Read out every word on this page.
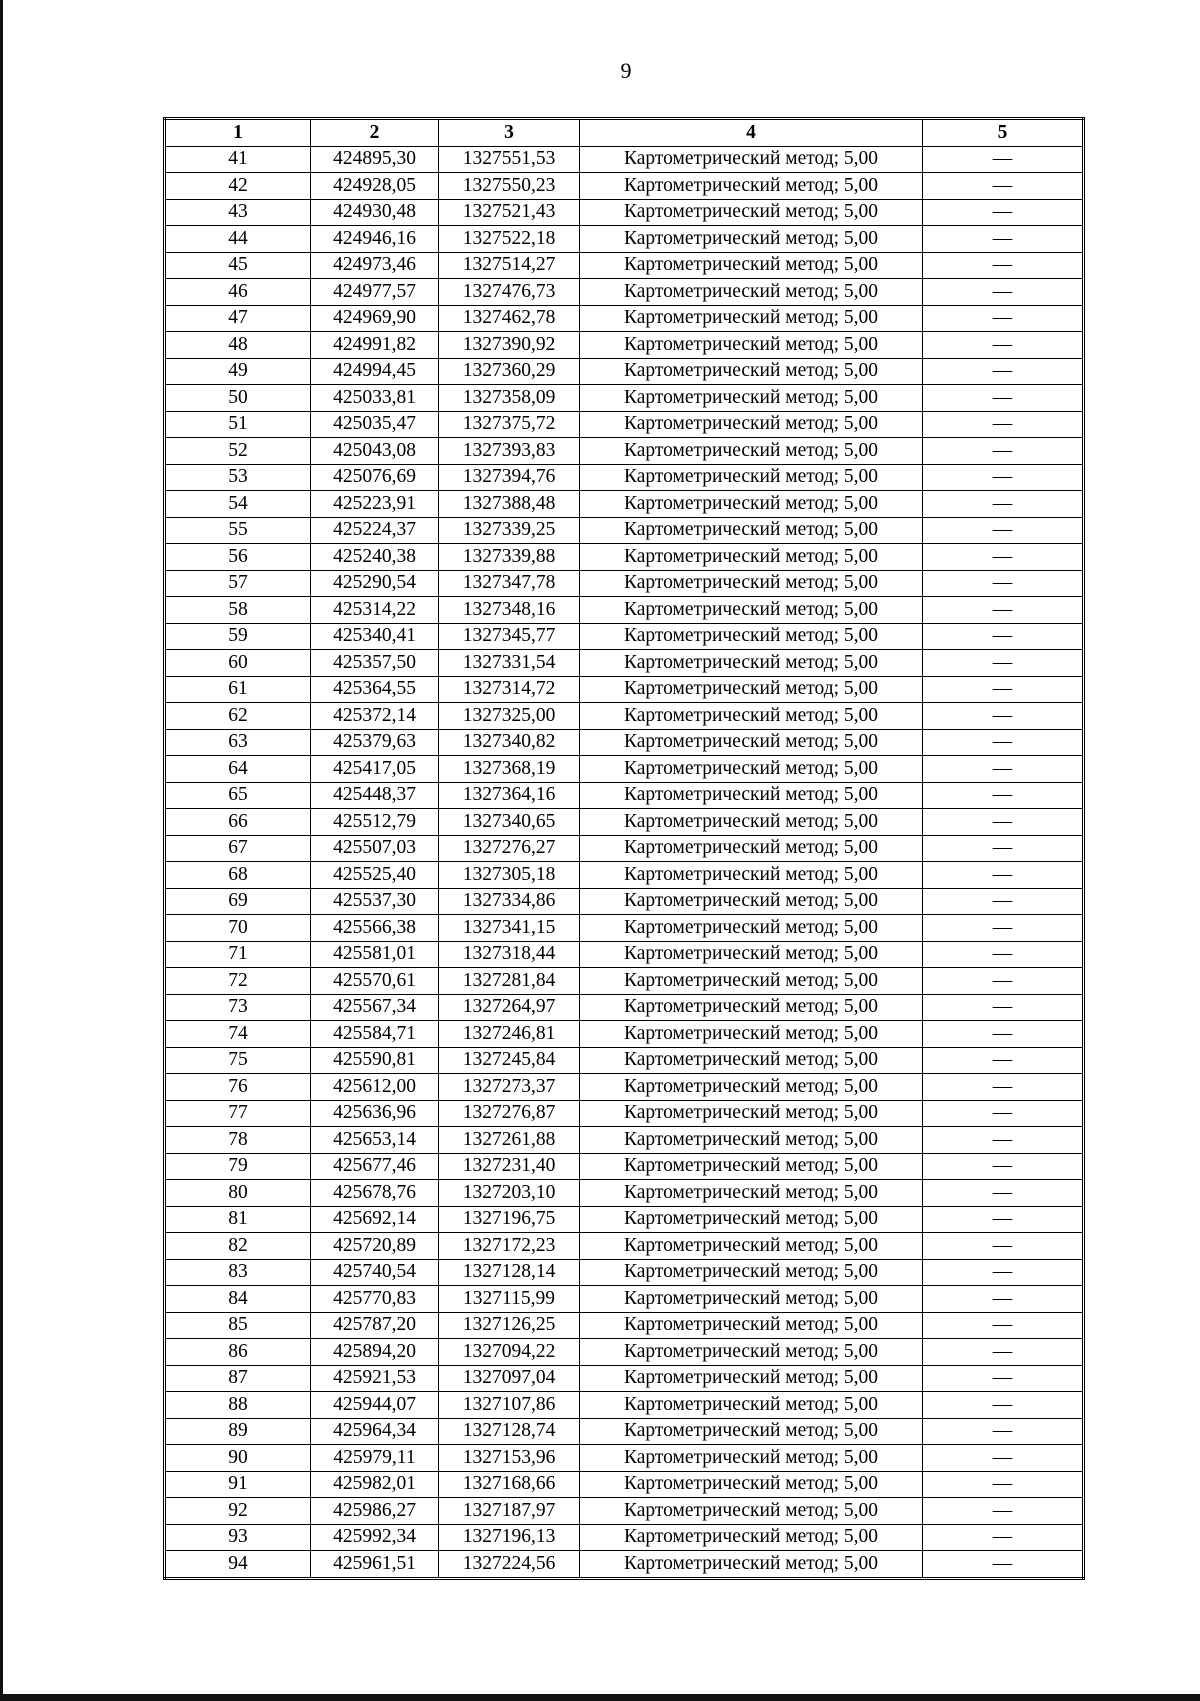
9
1	2	3	4	5
41	424895,30	1327551,53	Картометрический метод; 5,00	—
42	424928,05	1327550,23	Картометрический метод; 5,00	—
43	424930,48	1327521,43	Картометрический метод; 5,00	—
44	424946,16	1327522,18	Картометрический метод; 5,00	—
45	424973,46	1327514,27	Картометрический метод; 5,00	—
46	424977,57	1327476,73	Картометрический метод; 5,00	—
47	424969,90	1327462,78	Картометрический метод; 5,00	—
48	424991,82	1327390,92	Картометрический метод; 5,00	—
49	424994,45	1327360,29	Картометрический метод; 5,00	—
50	425033,81	1327358,09	Картометрический метод; 5,00	—
51	425035,47	1327375,72	Картометрический метод; 5,00	—
52	425043,08	1327393,83	Картометрический метод; 5,00	—
53	425076,69	1327394,76	Картометрический метод; 5,00	—
54	425223,91	1327388,48	Картометрический метод; 5,00	—
55	425224,37	1327339,25	Картометрический метод; 5,00	—
56	425240,38	1327339,88	Картометрический метод; 5,00	—
57	425290,54	1327347,78	Картометрический метод; 5,00	—
58	425314,22	1327348,16	Картометрический метод; 5,00	—
59	425340,41	1327345,77	Картометрический метод; 5,00	—
60	425357,50	1327331,54	Картометрический метод; 5,00	—
61	425364,55	1327314,72	Картометрический метод; 5,00	—
62	425372,14	1327325,00	Картометрический метод; 5,00	—
63	425379,63	1327340,82	Картометрический метод; 5,00	—
64	425417,05	1327368,19	Картометрический метод; 5,00	—
65	425448,37	1327364,16	Картометрический метод; 5,00	—
66	425512,79	1327340,65	Картометрический метод; 5,00	—
67	425507,03	1327276,27	Картометрический метод; 5,00	—
68	425525,40	1327305,18	Картометрический метод; 5,00	—
69	425537,30	1327334,86	Картометрический метод; 5,00	—
70	425566,38	1327341,15	Картометрический метод; 5,00	—
71	425581,01	1327318,44	Картометрический метод; 5,00	—
72	425570,61	1327281,84	Картометрический метод; 5,00	—
73	425567,34	1327264,97	Картометрический метод; 5,00	—
74	425584,71	1327246,81	Картометрический метод; 5,00	—
75	425590,81	1327245,84	Картометрический метод; 5,00	—
76	425612,00	1327273,37	Картометрический метод; 5,00	—
77	425636,96	1327276,87	Картометрический метод; 5,00	—
78	425653,14	1327261,88	Картометрический метод; 5,00	—
79	425677,46	1327231,40	Картометрический метод; 5,00	—
80	425678,76	1327203,10	Картометрический метод; 5,00	—
81	425692,14	1327196,75	Картометрический метод; 5,00	—
82	425720,89	1327172,23	Картометрический метод; 5,00	—
83	425740,54	1327128,14	Картометрический метод; 5,00	—
84	425770,83	1327115,99	Картометрический метод; 5,00	—
85	425787,20	1327126,25	Картометрический метод; 5,00	—
86	425894,20	1327094,22	Картометрический метод; 5,00	—
87	425921,53	1327097,04	Картометрический метод; 5,00	—
88	425944,07	1327107,86	Картометрический метод; 5,00	—
89	425964,34	1327128,74	Картометрический метод; 5,00	—
90	425979,11	1327153,96	Картометрический метод; 5,00	—
91	425982,01	1327168,66	Картометрический метод; 5,00	—
92	425986,27	1327187,97	Картометрический метод; 5,00	—
93	425992,34	1327196,13	Картометрический метод; 5,00	—
94	425961,51	1327224,56	Картометрический метод; 5,00	—
